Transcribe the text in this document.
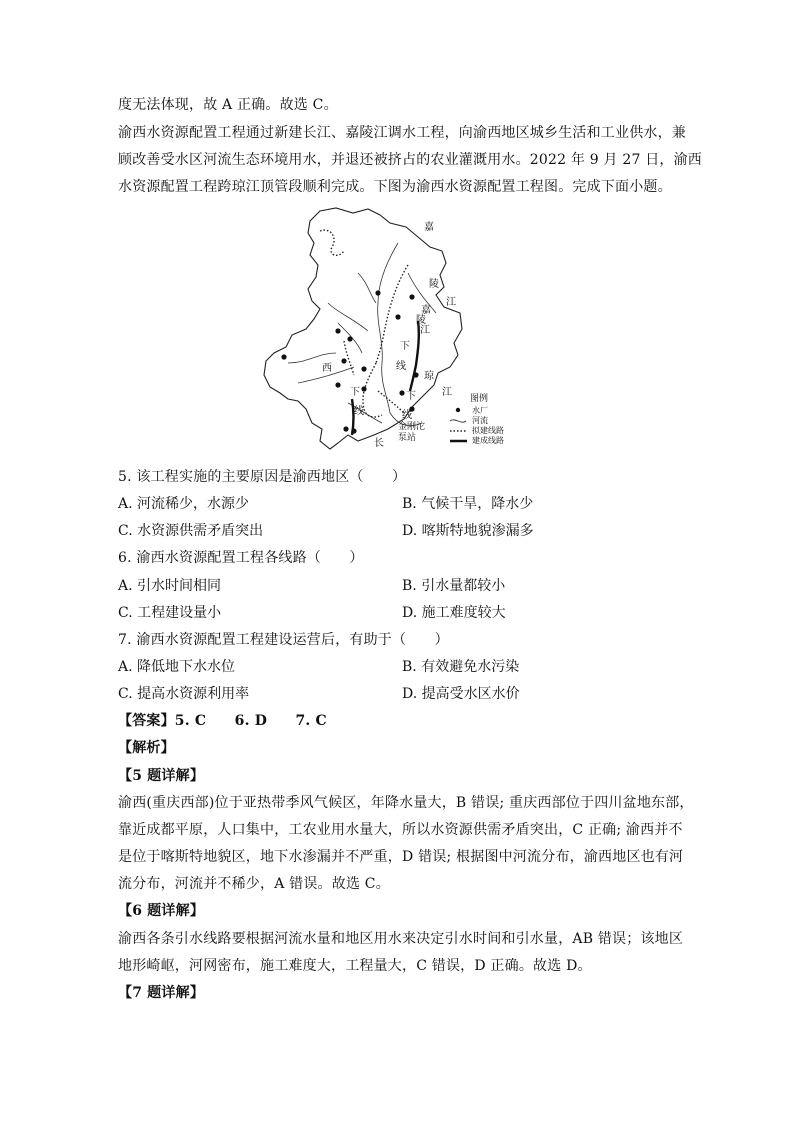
度无法体现，故 A 正确。故选 C。
渝西水资源配置工程通过新建长江、嘉陵江调水工程，向渝西地区城乡生活和工业供水，兼
顾改善受水区河流生态环境用水，并退还被挤占的农业灌溉用水。2022 年 9 月 27 日，渝西
水资源配置工程跨琼江顶管段顺利完成。下图为渝西水资源配置工程图。完成下面小题。
嘉
陵
江
嘉
陵
江
下
线
琼
江
西
下
线
下
线
长
金刚沱
泵站
图例
水厂
河流
拟建线路
建成线路
5. 该工程实施的主要原因是渝西地区（　　）
A. 河流稀少，水源少	B. 气候干旱，降水少
C. 水资源供需矛盾突出	D. 喀斯特地貌渗漏多
6. 渝西水资源配置工程各线路（　　）
A. 引水时间相同	B. 引水量都较小
C. 工程建设量小	D. 施工难度较大
7. 渝西水资源配置工程建设运营后，有助于（　　）
A. 降低地下水水位	B. 有效避免水污染
C. 提高水资源利用率	D. 提高受水区水价
【答案】5. C　　6. D　　7. C
【解析】
【5 题详解】
渝西(重庆西部)位于亚热带季风气候区，年降水量大，B 错误; 重庆西部位于四川盆地东部，
靠近成都平原，人口集中，工农业用水量大，所以水资源供需矛盾突出，C 正确; 渝西并不
是位于喀斯特地貌区，地下水渗漏并不严重，D 错误; 根据图中河流分布，渝西地区也有河
流分布，河流并不稀少，A 错误。故选 C。
【6 题详解】
渝西各条引水线路要根据河流水量和地区用水来决定引水时间和引水量，AB 错误；该地区
地形崎岖，河网密布，施工难度大，工程量大，C 错误，D 正确。故选 D。
【7 题详解】
